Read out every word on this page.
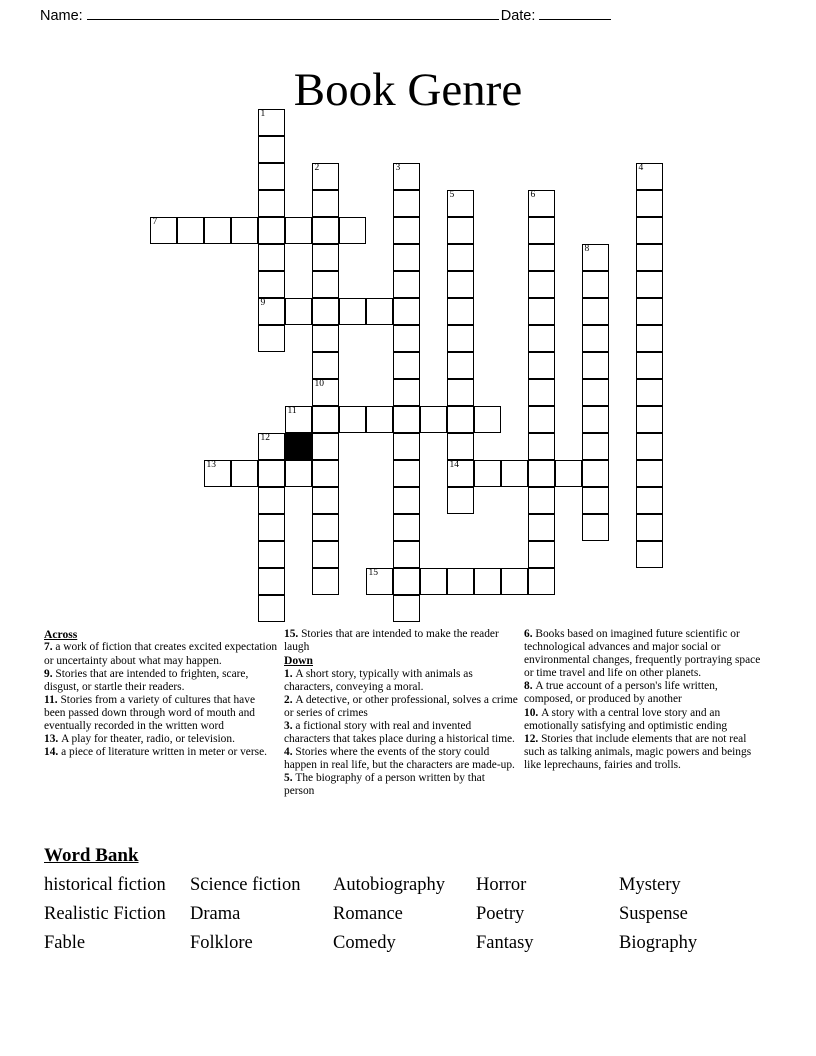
Name:	Date:
Book Genre
1
2	3	4
5	6
7
8
9
10
11
12
13	14
15
Across
7. a work of fiction that creates excited expectation or uncertainty about what may happen.
9. Stories that are intended to frighten, scare, disgust, or startle their readers.
11. Stories from a variety of cultures that have been passed down through word of mouth and eventually recorded in the written word
13. A play for theater, radio, or television.
14. a piece of literature written in meter or verse.
15. Stories that are intended to make the reader laugh
Down
1. A short story, typically with animals as characters, conveying a moral.
2. A detective, or other professional, solves a crime or series of crimes
3. a fictional story with real and invented characters that takes place during a historical time.
4. Stories where the events of the story could happen in real life, but the characters are made-up.
5. The biography of a person written by that person
6. Books based on imagined future scientific or technological advances and major social or environmental changes, frequently portraying space or time travel and life on other planets.
8. A true account of a person's life written, composed, or produced by another
10. A story with a central love story and an emotionally satisfying and optimistic ending
12. Stories that include elements that are not real such as talking animals, magic powers and beings like leprechauns, fairies and trolls.
Word Bank
historical fiction	Science fiction	Autobiography	Horror	Mystery
Realistic Fiction	Drama	Romance	Poetry	Suspense
Fable	Folklore	Comedy	Fantasy	Biography
